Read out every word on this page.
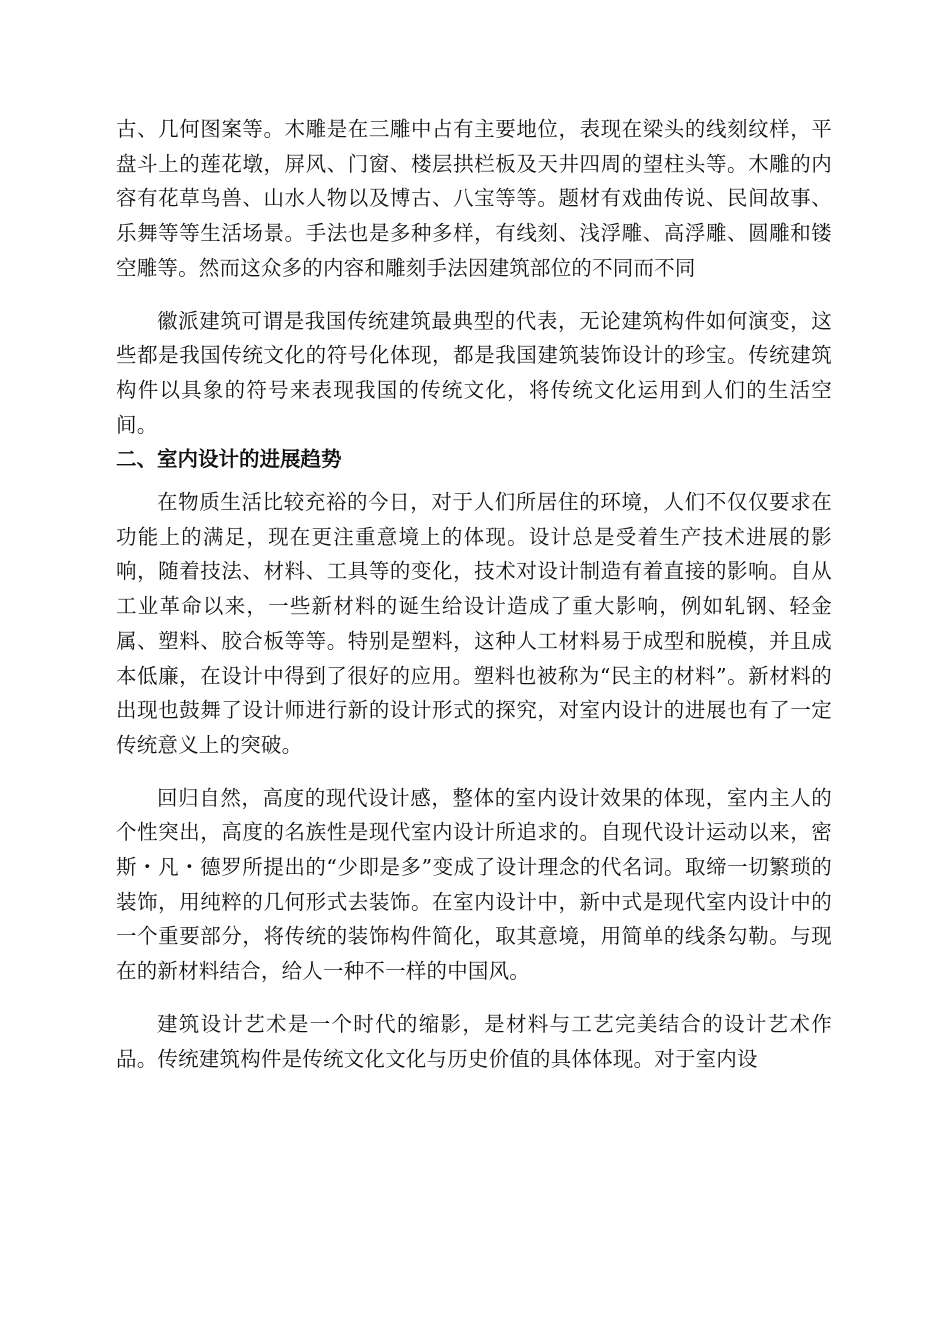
古、几何图案等。木雕是在三雕中占有主要地位，表现在梁头的线刻纹样，平盘斗上的莲花墩，屏风、门窗、楼层拱栏板及天井四周的望柱头等。木雕的内容有花草鸟兽、山水人物以及博古、八宝等等。题材有戏曲传说、民间故事、乐舞等等生活场景。手法也是多种多样，有线刻、浅浮雕、高浮雕、圆雕和镂空雕等。然而这众多的内容和雕刻手法因建筑部位的不同而不同

徽派建筑可谓是我国传统建筑最典型的代表，无论建筑构件如何演变，这些都是我国传统文化的符号化体现，都是我国建筑装饰设计的珍宝。传统建筑构件以具象的符号来表现我国的传统文化，将传统文化运用到人们的生活空间。

二、室内设计的进展趋势

在物质生活比较充裕的今日，对于人们所居住的环境，人们不仅仅要求在功能上的满足，现在更注重意境上的体现。设计总是受着生产技术进展的影响，随着技法、材料、工具等的变化，技术对设计制造有着直接的影响。自从工业革命以来，一些新材料的诞生给设计造成了重大影响，例如轧钢、轻金属、塑料、胶合板等等。特别是塑料，这种人工材料易于成型和脱模，并且成本低廉，在设计中得到了很好的应用。塑料也被称为“民主的材料”。新材料的出现也鼓舞了设计师进行新的设计形式的探究，对室内设计的进展也有了一定传统意义上的突破。

回归自然，高度的现代设计感，整体的室内设计效果的体现，室内主人的个性突出，高度的名族性是现代室内设计所追求的。自现代设计运动以来，密斯・凡・德罗所提出的“少即是多”变成了设计理念的代名词。取缔一切繁琐的装饰，用纯粹的几何形式去装饰。在室内设计中，新中式是现代室内设计中的一个重要部分，将传统的装饰构件简化，取其意境，用简单的线条勾勒。与现在的新材料结合，给人一种不一样的中国风。

建筑设计艺术是一个时代的缩影，是材料与工艺完美结合的设计艺术作品。传统建筑构件是传统文化文化与历史价值的具体体现。对于室内设
